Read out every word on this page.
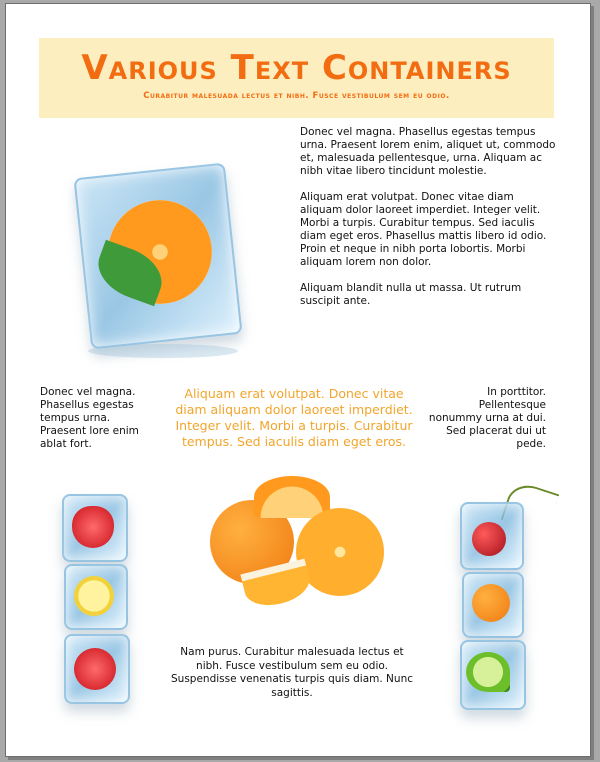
Various Text Containers

Curabitur malesuada lectus et nibh. Fusce vestibulum sem eu odio.

Donec vel magna. Phasellus egestas tempus urna. Praesent lorem enim, aliquet ut, commodo et, malesuada pellentesque, urna. Aliquam ac nibh vitae libero tincidunt molestie.

Aliquam erat volutpat. Donec vitae diam aliquam dolor laoreet imperdiet. Integer velit. Morbi a turpis. Curabitur tempus. Sed iaculis diam eget eros. Phasellus mattis libero id odio. Proin et neque in nibh porta lobortis. Morbi aliquam lorem non dolor.

Aliquam blandit nulla ut massa. Ut rutrum suscipit ante.

Donec vel magna. Phasellus egestas tempus urna. Praesent lore enim ablat fort.
Aliquam erat volutpat. Donec vitae diam aliquam dolor laoreet imperdiet. Integer velit. Morbi a turpis. Curabitur tempus. Sed iaculis diam eget eros.
In porttitor. Pellentesque nonummy urna at dui. Sed placerat dui ut pede.
Nam purus. Curabitur malesuada lectus et nibh. Fusce vestibulum sem eu odio. Suspendisse venenatis turpis quis diam. Nunc sagittis.
